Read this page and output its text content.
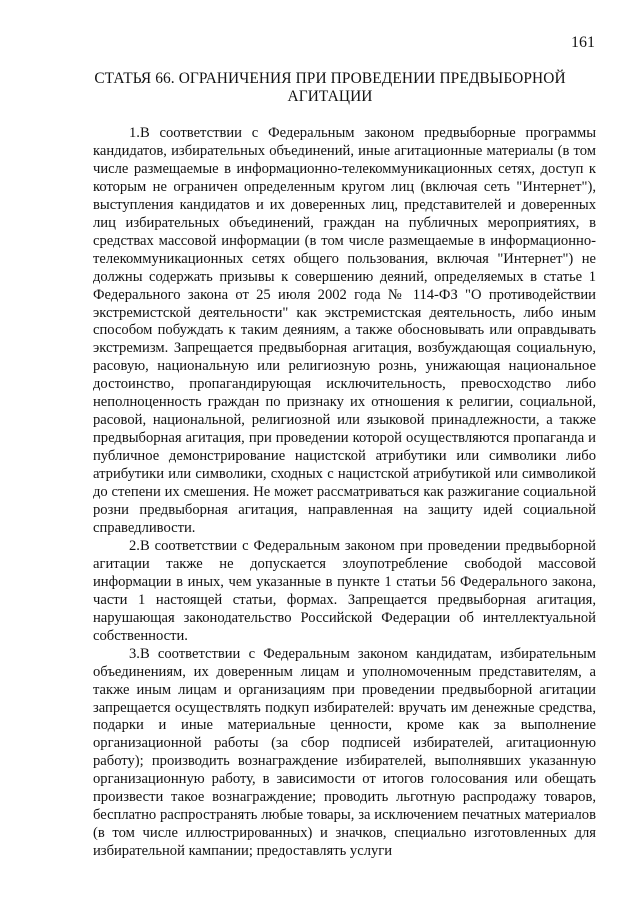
161
СТАТЬЯ 66. ОГРАНИЧЕНИЯ ПРИ ПРОВЕДЕНИИ ПРЕДВЫБОРНОЙ
АГИТАЦИИ

1.В соответствии с Федеральным законом предвыборные программы кандидатов, избирательных объединений, иные агитационные материалы (в том числе размещаемые в информационно-телекоммуникационных сетях, доступ к которым не ограничен определенным кругом лиц (включая сеть "Интернет"), выступления кандидатов и их доверенных лиц, представителей и доверенных лиц избирательных объединений, граждан на публичных мероприятиях, в средствах массовой информации (в том числе размещаемые в информационно-телекоммуникационных сетях общего пользования, включая "Интернет") не должны содержать призывы к совершению деяний, определяемых в статье 1 Федерального закона от 25 июля 2002 года № 114-ФЗ "О противодействии экстремистской деятельности" как экстремистская деятельность, либо иным способом побуждать к таким деяниям, а также обосновывать или оправдывать экстремизм. Запрещается предвыборная агитация, возбуждающая социальную, расовую, национальную или религиозную рознь, унижающая национальное достоинство, пропагандирующая исключительность, превосходство либо неполноценность граждан по признаку их отношения к религии, социальной, расовой, национальной, религиозной или языковой принадлежности, а также предвыборная агитация, при проведении которой осуществляются пропаганда и публичное демонстрирование нацистской атрибутики или символики либо атрибутики или символики, сходных с нацистской атрибутикой или символикой до степени их смешения. Не может рассматриваться как разжигание социальной розни предвыборная агитация, направленная на защиту идей социальной справедливости.

2.В соответствии с Федеральным законом при проведении предвыборной агитации также не допускается злоупотребление свободой массовой информации в иных, чем указанные в пункте 1 статьи 56 Федерального закона, части 1 настоящей статьи, формах. Запрещается предвыборная агитация, нарушающая законодательство Российской Федерации об интеллектуальной собственности.

3.В соответствии с Федеральным законом кандидатам, избирательным объединениям, их доверенным лицам и уполномоченным представителям, а также иным лицам и организациям при проведении предвыборной агитации запрещается осуществлять подкуп избирателей: вручать им денежные средства, подарки и иные материальные ценности, кроме как за выполнение организационной работы (за сбор подписей избирателей, агитационную работу); производить вознаграждение избирателей, выполнявших указанную организационную работу, в зависимости от итогов голосования или обещать произвести такое вознаграждение; проводить льготную распродажу товаров, бесплатно распространять любые товары, за исключением печатных материалов (в том числе иллюстрированных) и значков, специально изготовленных для избирательной кампании; предоставлять услуги
